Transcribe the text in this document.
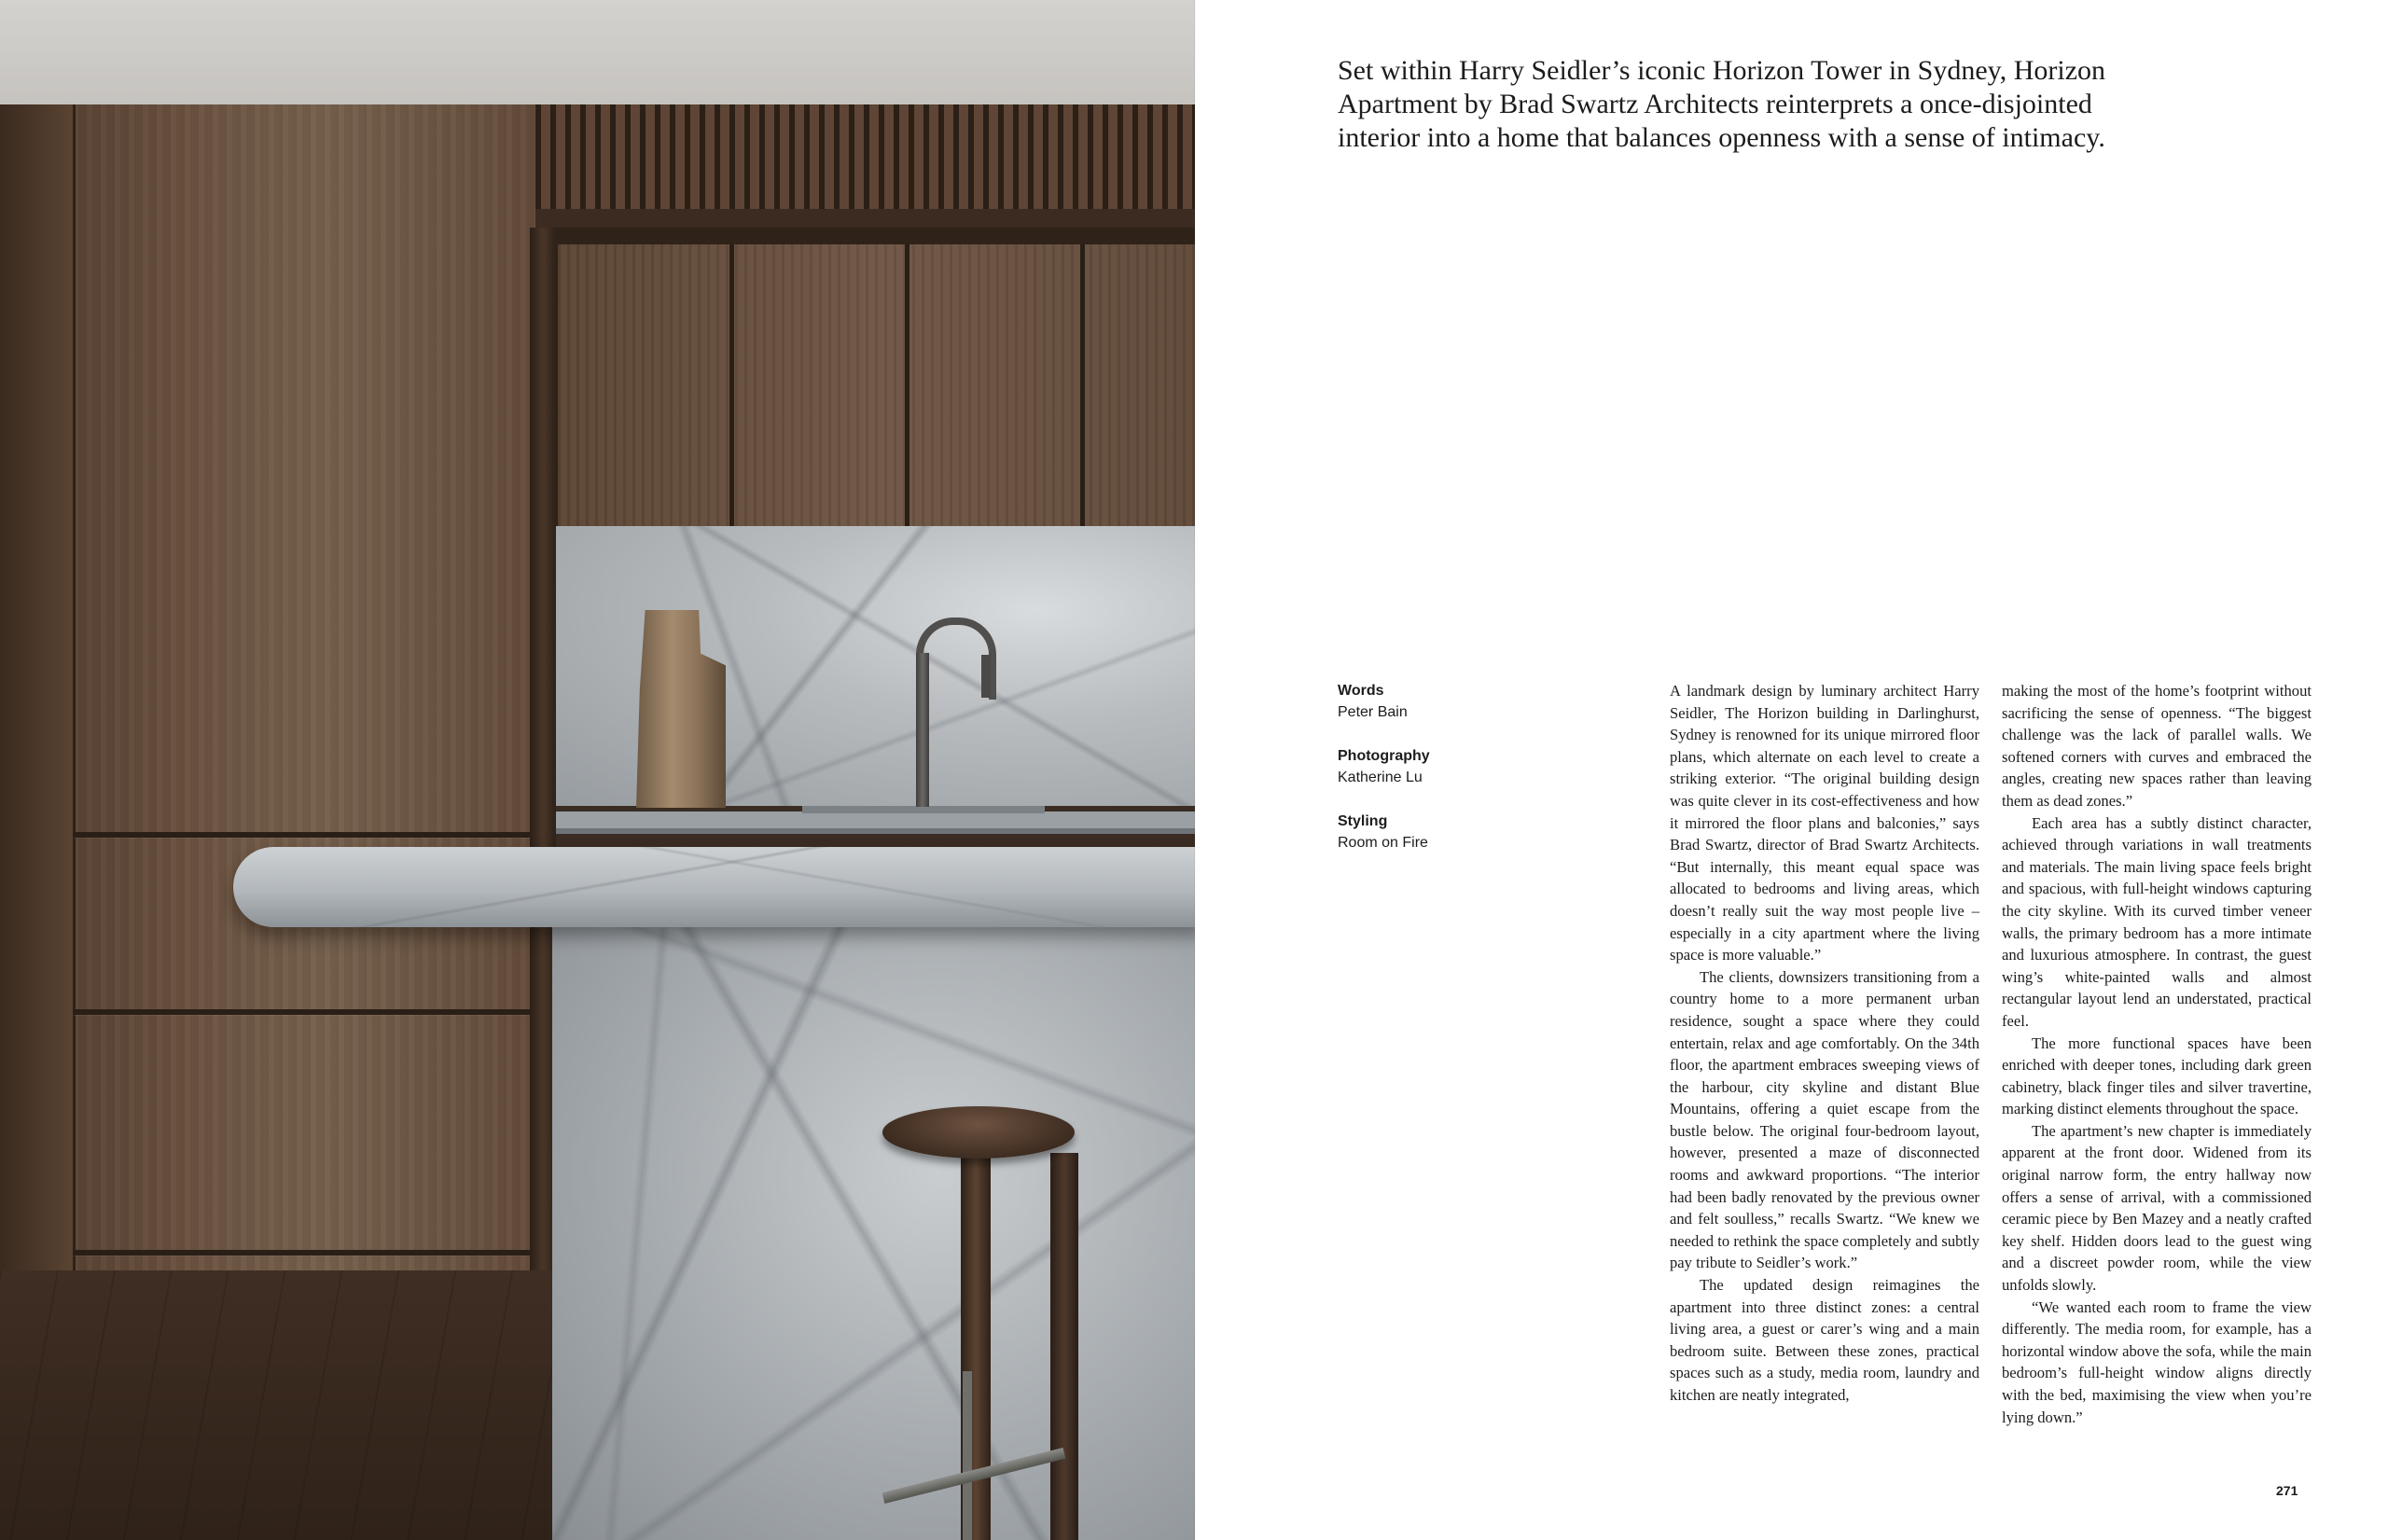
Set within Harry Seidler’s iconic Horizon Tower in Sydney, Horizon Apartment by Brad Swartz Architects reinterprets a once-disjointed interior into a home that balances openness with a sense of intimacy.

Words
Peter Bain
Photography
Katherine Lu
Styling
Room on Fire

A landmark design by luminary architect Harry Seidler, The Horizon building in Darlinghurst, Sydney is renowned for its unique mirrored floor plans, which alternate on each level to create a striking exterior. “The original building design was quite clever in its cost-effectiveness and how it mirrored the floor plans and balconies,” says Brad Swartz, director of Brad Swartz Architects. “But internally, this meant equal space was allocated to bedrooms and living areas, which doesn’t really suit the way most people live – especially in a city apartment where the living space is more valuable.”

The clients, downsizers transitioning from a country home to a more permanent urban residence, sought a space where they could entertain, relax and age comfortably. On the 34th floor, the apartment embraces sweeping views of the harbour, city skyline and distant Blue Mountains, offering a quiet escape from the bustle below. The original four-bedroom layout, however, presented a maze of disconnected rooms and awkward proportions. “The interior had been badly renovated by the previous owner and felt soulless,” recalls Swartz. “We knew we needed to rethink the space completely and subtly pay tribute to Seidler’s work.”

The updated design reimagines the apartment into three distinct zones: a central living area, a guest or carer’s wing and a main bedroom suite. Between these zones, practical spaces such as a study, media room, laundry and kitchen are neatly integrated,

making the most of the home’s footprint without sacrificing the sense of openness. “The biggest challenge was the lack of parallel walls. We softened corners with curves and embraced the angles, creating new spaces rather than leaving them as dead zones.”

Each area has a subtly distinct character, achieved through variations in wall treatments and materials. The main living space feels bright and spacious, with full-height windows capturing the city skyline. With its curved timber veneer walls, the primary bedroom has a more intimate and luxurious atmosphere. In contrast, the guest wing’s white-painted walls and almost rectangular layout lend an understated, practical feel.

The more functional spaces have been enriched with deeper tones, including dark green cabinetry, black finger tiles and silver travertine, marking distinct elements throughout the space.

The apartment’s new chapter is immediately apparent at the front door. Widened from its original narrow form, the entry hallway now offers a sense of arrival, with a commissioned ceramic piece by Ben Mazey and a neatly crafted key shelf. Hidden doors lead to the guest wing and a discreet powder room, while the view unfolds slowly.

“We wanted each room to frame the view differently. The media room, for example, has a horizontal window above the sofa, while the main bedroom’s full-height window aligns directly with the bed, maximising the view when you’re lying down.”

271
